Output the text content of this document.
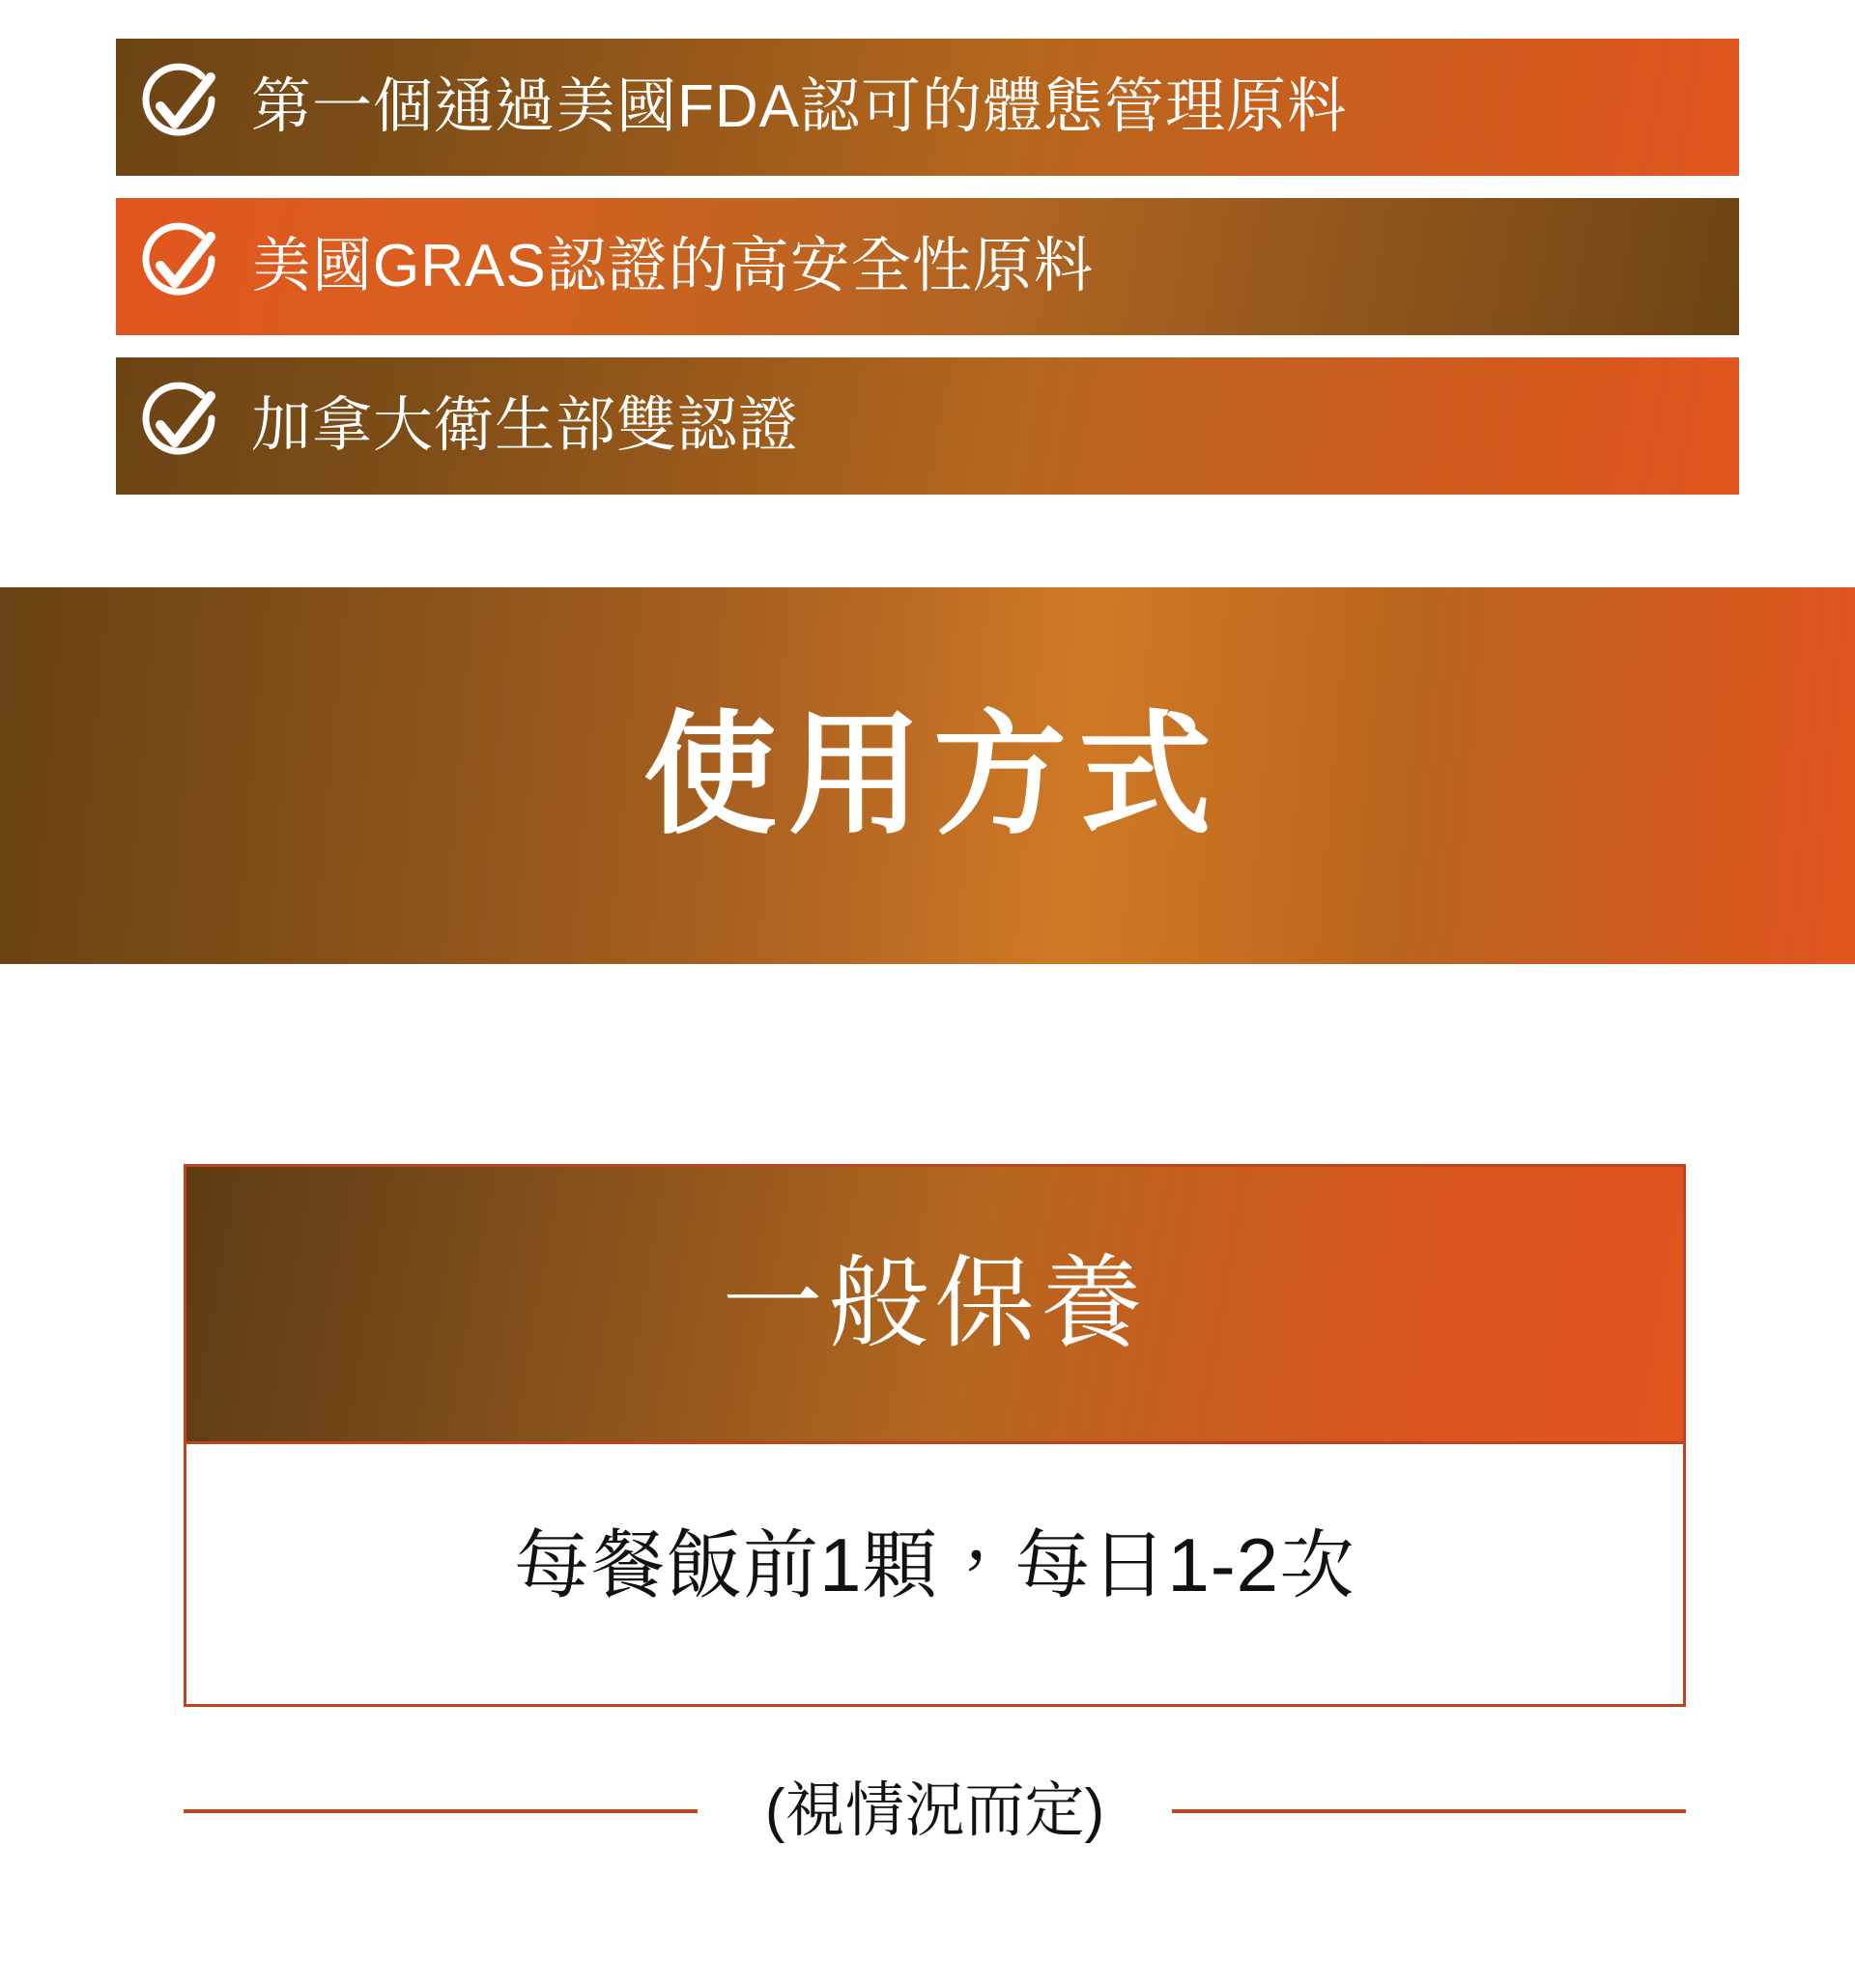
第一個通過美國FDA認可的體態管理原料
美國GRAS認證的高安全性原料
加拿大衛生部雙認證
使用方式
一般保養
每餐飯前1顆，每日1-2次
(視情況而定)
